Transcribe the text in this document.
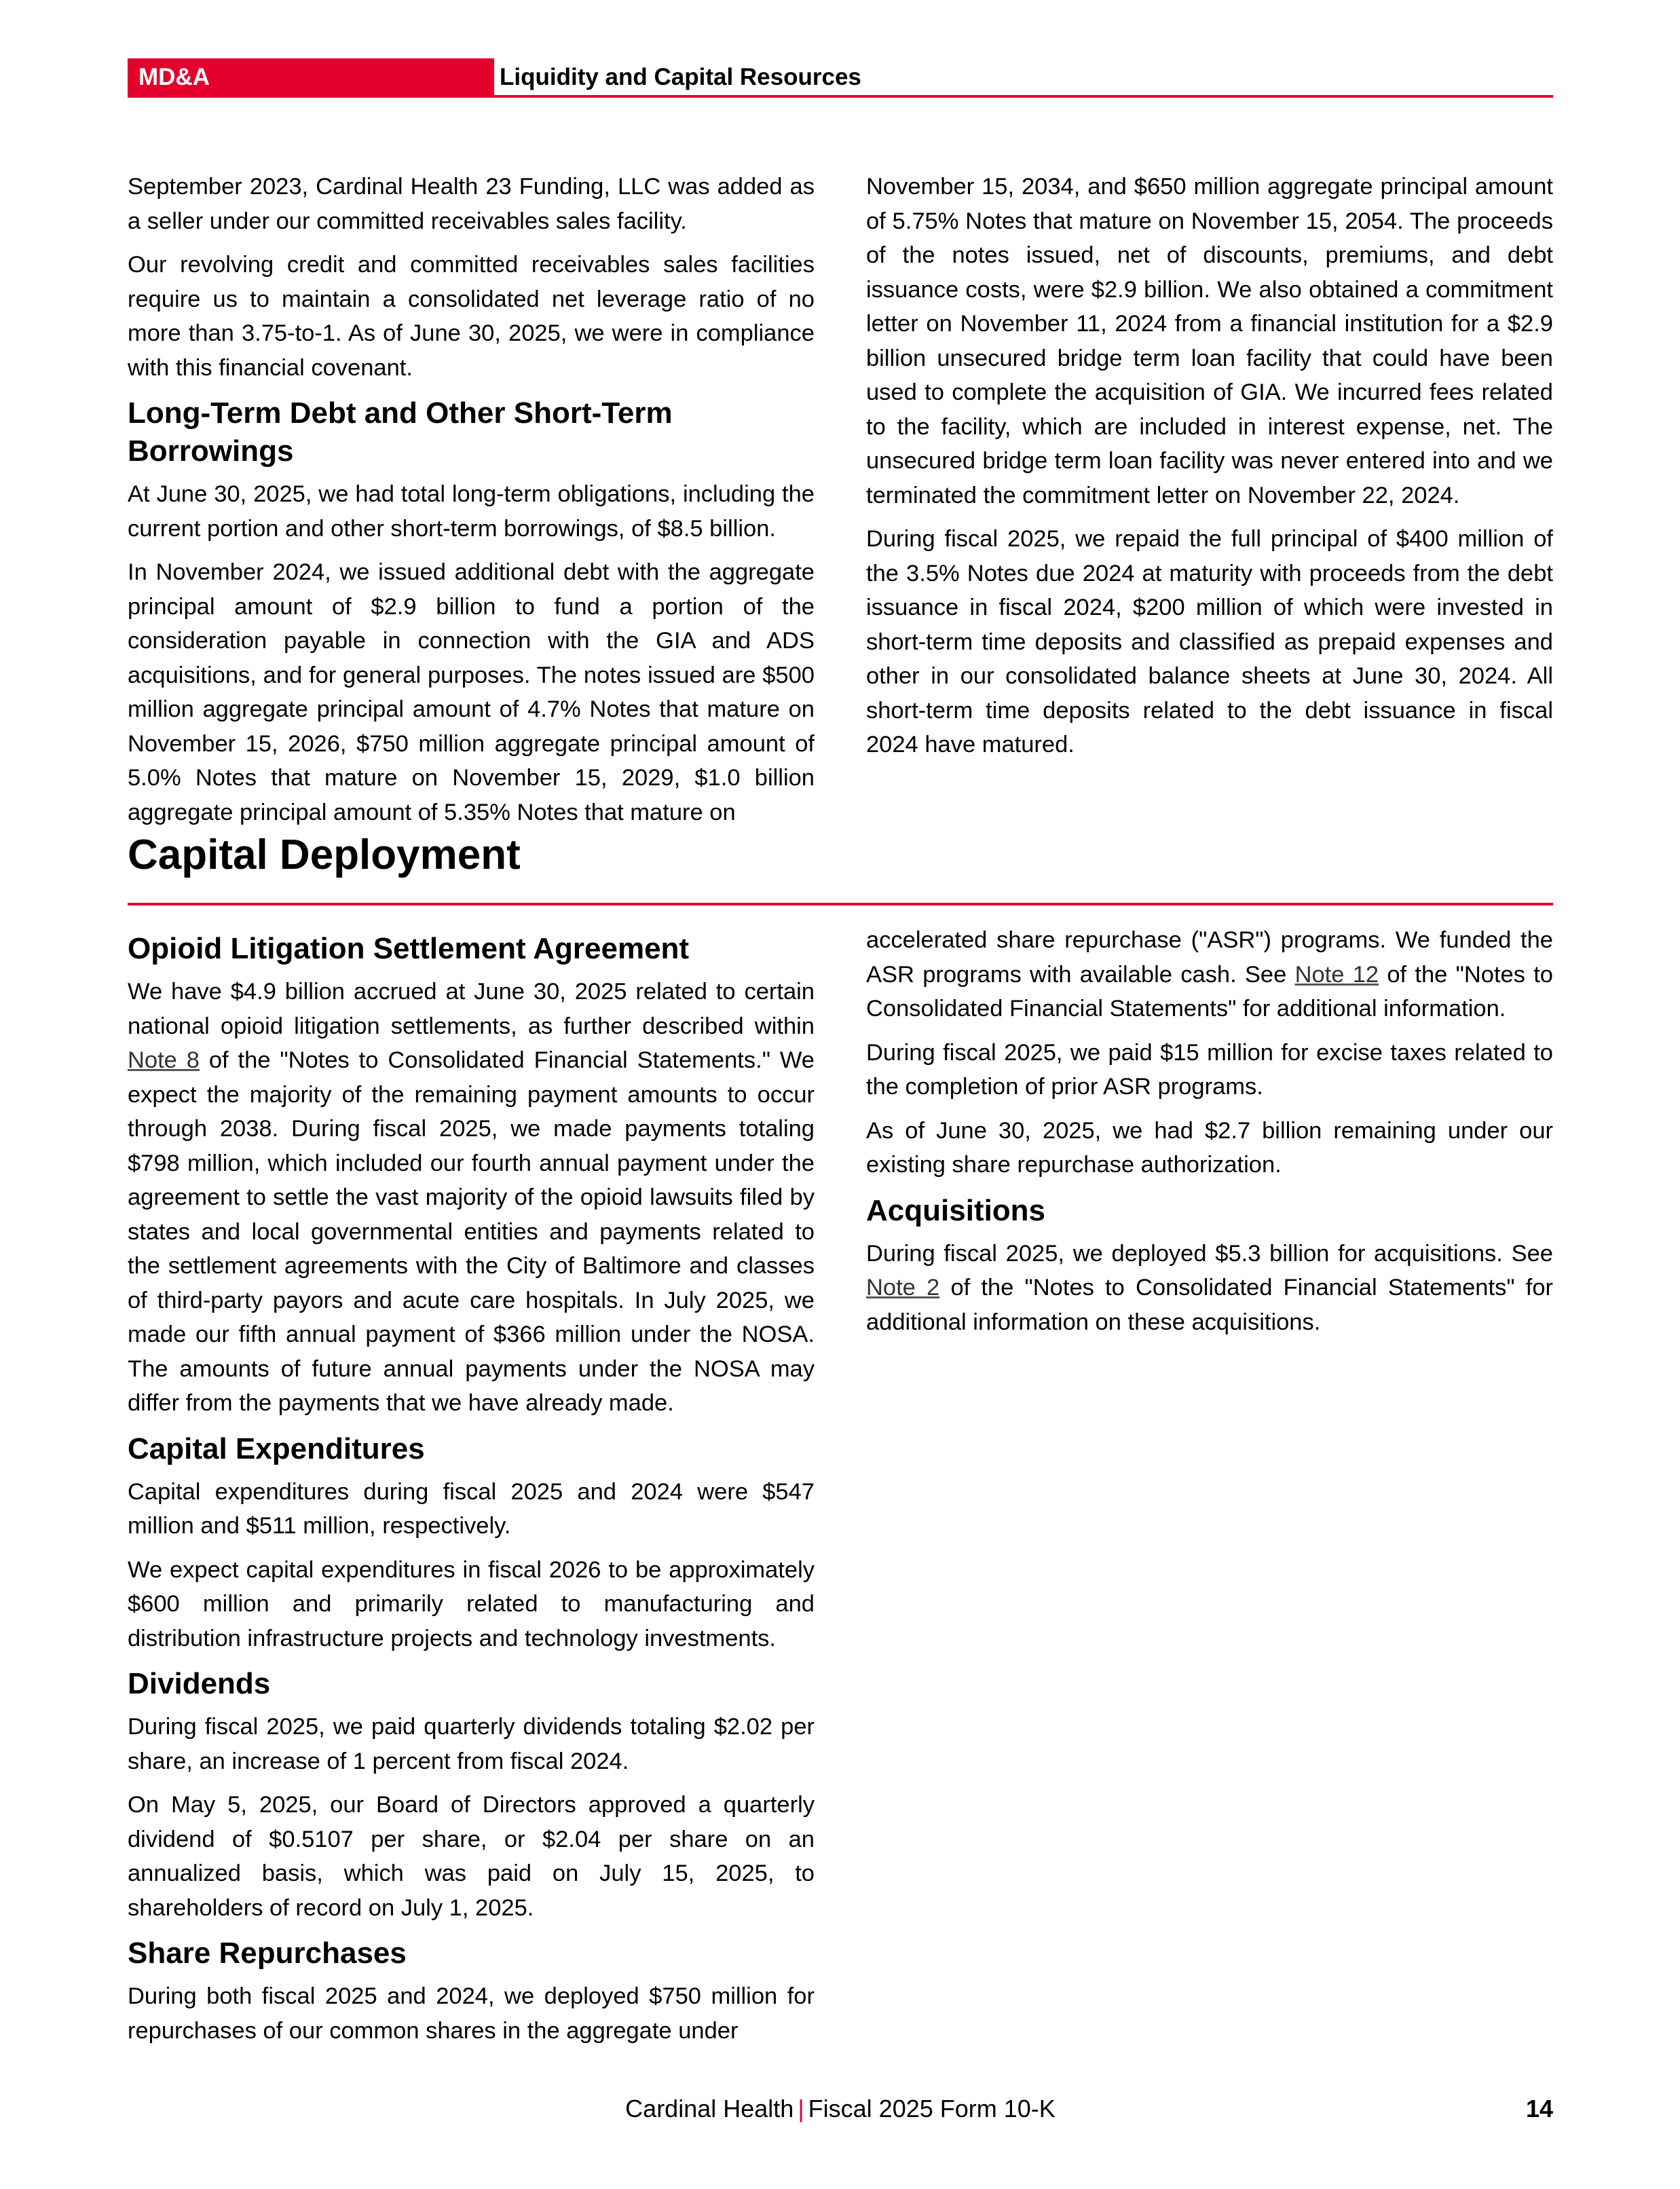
MD&A	Liquidity and Capital Resources

September 2023, Cardinal Health 23 Funding, LLC was added as a seller under our committed receivables sales facility.

Our revolving credit and committed receivables sales facilities require us to maintain a consolidated net leverage ratio of no more than 3.75-to-1. As of June 30, 2025, we were in compliance with this financial covenant.

Long-Term Debt and Other Short-Term Borrowings

At June 30, 2025, we had total long-term obligations, including the current portion and other short-term borrowings, of $8.5 billion.

In November 2024, we issued additional debt with the aggregate principal amount of $2.9 billion to fund a portion of the consideration payable in connection with the GIA and ADS acquisitions, and for general purposes. The notes issued are $500 million aggregate principal amount of 4.7% Notes that mature on November 15, 2026, $750 million aggregate principal amount of 5.0% Notes that mature on November 15, 2029, $1.0 billion aggregate principal amount of 5.35% Notes that mature on

November 15, 2034, and $650 million aggregate principal amount of 5.75% Notes that mature on November 15, 2054. The proceeds of the notes issued, net of discounts, premiums, and debt issuance costs, were $2.9 billion. We also obtained a commitment letter on November 11, 2024 from a financial institution for a $2.9 billion unsecured bridge term loan facility that could have been used to complete the acquisition of GIA. We incurred fees related to the facility, which are included in interest expense, net. The unsecured bridge term loan facility was never entered into and we terminated the commitment letter on November 22, 2024.

During fiscal 2025, we repaid the full principal of $400 million of the 3.5% Notes due 2024 at maturity with proceeds from the debt issuance in fiscal 2024, $200 million of which were invested in short-term time deposits and classified as prepaid expenses and other in our consolidated balance sheets at June 30, 2024. All short-term time deposits related to the debt issuance in fiscal 2024 have matured.

Capital Deployment
Opioid Litigation Settlement Agreement

We have $4.9 billion accrued at June 30, 2025 related to certain national opioid litigation settlements, as further described within Note 8 of the "Notes to Consolidated Financial Statements." We expect the majority of the remaining payment amounts to occur through 2038. During fiscal 2025, we made payments totaling $798 million, which included our fourth annual payment under the agreement to settle the vast majority of the opioid lawsuits filed by states and local governmental entities and payments related to the settlement agreements with the City of Baltimore and classes of third-party payors and acute care hospitals. In July 2025, we made our fifth annual payment of $366 million under the NOSA. The amounts of future annual payments under the NOSA may differ from the payments that we have already made.

Capital Expenditures

Capital expenditures during fiscal 2025 and 2024 were $547 million and $511 million, respectively.

We expect capital expenditures in fiscal 2026 to be approximately $600 million and primarily related to manufacturing and distribution infrastructure projects and technology investments.

Dividends

During fiscal 2025, we paid quarterly dividends totaling $2.02 per share, an increase of 1 percent from fiscal 2024.

On May 5, 2025, our Board of Directors approved a quarterly dividend of $0.5107 per share, or $2.04 per share on an annualized basis, which was paid on July 15, 2025, to shareholders of record on July 1, 2025.

Share Repurchases

During both fiscal 2025 and 2024, we deployed $750 million for repurchases of our common shares in the aggregate under

accelerated share repurchase ("ASR") programs. We funded the ASR programs with available cash. See Note 12 of the "Notes to Consolidated Financial Statements" for additional information.

During fiscal 2025, we paid $15 million for excise taxes related to the completion of prior ASR programs.

As of June 30, 2025, we had $2.7 billion remaining under our existing share repurchase authorization.

Acquisitions

During fiscal 2025, we deployed $5.3 billion for acquisitions. See Note 2 of the "Notes to Consolidated Financial Statements" for additional information on these acquisitions.

Cardinal Health | Fiscal 2025 Form 10-K	14
